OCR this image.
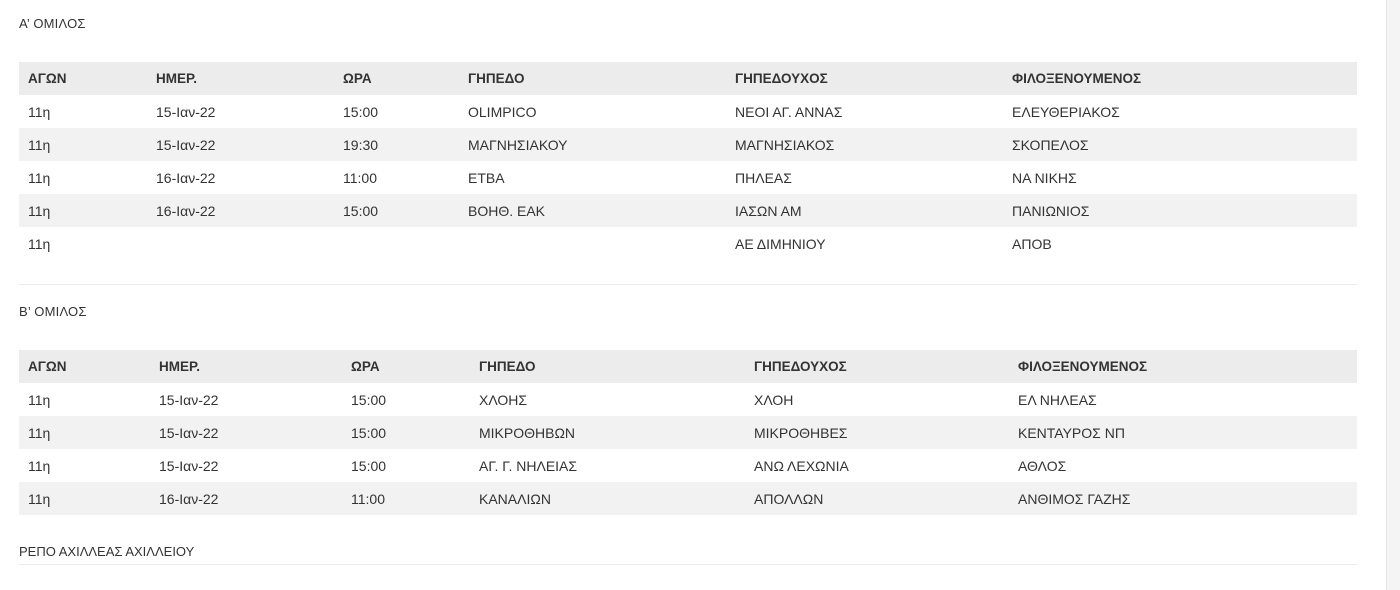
Α’ ΟΜΙΛΟΣ
ΑΓΩΝ	ΗΜΕΡ.	ΩΡΑ	ΓΗΠΕΔΟ	ΓΗΠΕΔΟΥΧΟΣ	ΦΙΛΟΞΕΝΟΥΜΕΝΟΣ
11η	15-Ιαν-22	15:00	OLIMPICO	ΝΕΟΙ ΑΓ. ΑΝΝΑΣ	ΕΛΕΥΘΕΡΙΑΚΟΣ
11η	15-Ιαν-22	19:30	ΜΑΓΝΗΣΙΑΚΟΥ	ΜΑΓΝΗΣΙΑΚΟΣ	ΣΚΟΠΕΛΟΣ
11η	16-Ιαν-22	11:00	ΕΤΒΑ	ΠΗΛΕΑΣ	ΝΑ ΝΙΚΗΣ
11η	16-Ιαν-22	15:00	ΒΟΗΘ. ΕΑΚ	ΙΑΣΩΝ ΑΜ	ΠΑΝΙΩΝΙΟΣ
11η				ΑΕ ΔΙΜΗΝΙΟΥ	ΑΠΟΒ
Β’ ΟΜΙΛΟΣ
ΑΓΩΝ	ΗΜΕΡ.	ΩΡΑ	ΓΗΠΕΔΟ	ΓΗΠΕΔΟΥΧΟΣ	ΦΙΛΟΞΕΝΟΥΜΕΝΟΣ
11η	15-Ιαν-22	15:00	ΧΛΟΗΣ	ΧΛΟΗ	ΕΛ ΝΗΛΕΑΣ
11η	15-Ιαν-22	15:00	ΜΙΚΡΟΘΗΒΩΝ	ΜΙΚΡΟΘΗΒΕΣ	ΚΕΝΤΑΥΡΟΣ ΝΠ
11η	15-Ιαν-22	15:00	ΑΓ. Γ. ΝΗΛΕΙΑΣ	ΑΝΩ ΛΕΧΩΝΙΑ	ΑΘΛΟΣ
11η	16-Ιαν-22	11:00	ΚΑΝΑΛΙΩΝ	ΑΠΟΛΛΩΝ	ΑΝΘΙΜΟΣ ΓΑΖΗΣ
ΡΕΠΟ ΑΧΙΛΛΕΑΣ ΑΧΙΛΛΕΙΟΥ
